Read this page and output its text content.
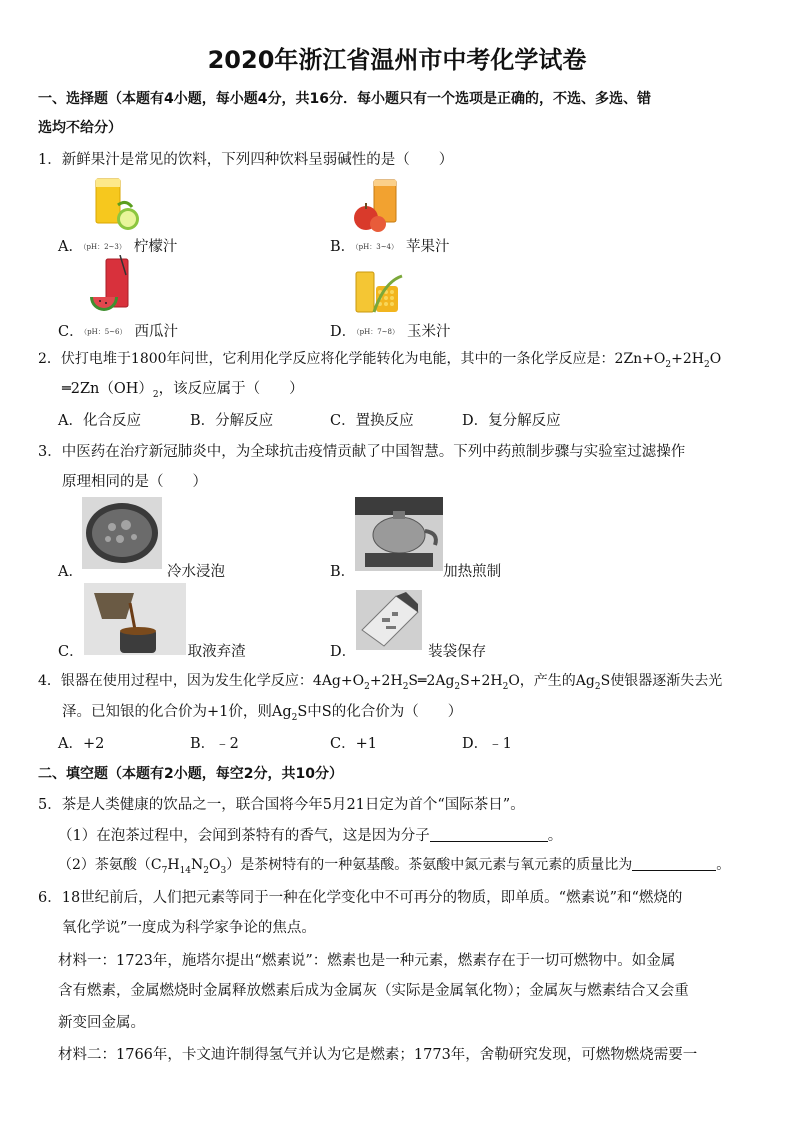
2020年浙江省温州市中考化学试卷
一、选择题（本题有4小题，每小题4分，共16分．每小题只有一个选项是正确的，不选、多选、错
选均不给分）
1．新鲜果汁是常见的饮料，下列四种饮料呈弱碱性的是（　　）
A．（pH：2~3） 柠檬汁	B．（pH：3~4） 苹果汁
C．（pH：5~6） 西瓜汁	D．（pH：7~8） 玉米汁
2．伏打电堆于1800年问世，它利用化学反应将化学能转化为电能，其中的一条化学反应是：$2Zn+O_2+2H_2O$
$═2Zn(OH)_2$，该反应属于（　　）
A．化合反应	B．分解反应	C．置换反应	D．复分解反应
3．中医药在治疗新冠肺炎中，为全球抗击疫情贡献了中国智慧。下列中药煎制步骤与实验室过滤操作
原理相同的是（　　）
A．	冷水浸泡	B．	加热煎制
C．	取液弃渣	D．	装袋保存
4．银器在使用过程中，因为发生化学反应：$4Ag+O_2+2H_2S═2Ag_2S+2H_2O$，产生的$Ag_2S$使银器逐渐失去光
泽。已知银的化合价为+1价，则$Ag_2S$中S的化合价为（　　）
A．+2	B．﹣2	C．+1	D．﹣1
二、填空题（本题有2小题，每空2分，共10分）
5．茶是人类健康的饮品之一，联合国将今年5月21日定为首个“国际茶日”。
（1）在泡茶过程中，会闻到茶特有的香气，这是因为分子	。
（2）茶氨酸$(C_7H_{14}N_2O_3)$是茶树特有的一种氨基酸。茶氨酸中氮元素与氧元素的质量比为	。
6．18世纪前后，人们把元素等同于一种在化学变化中不可再分的物质，即单质。“燃素说”和“燃烧的
氧化学说”一度成为科学家争论的焦点。
材料一：1723年，施塔尔提出“燃素说”：燃素也是一种元素，燃素存在于一切可燃物中。如金属
含有燃素，金属燃烧时金属释放燃素后成为金属灰（实际是金属氧化物）；金属灰与燃素结合又会重
新变回金属。
材料二：1766年，卡文迪许制得氢气并认为它是燃素；1773年，舍勒研究发现，可燃物燃烧需要一
